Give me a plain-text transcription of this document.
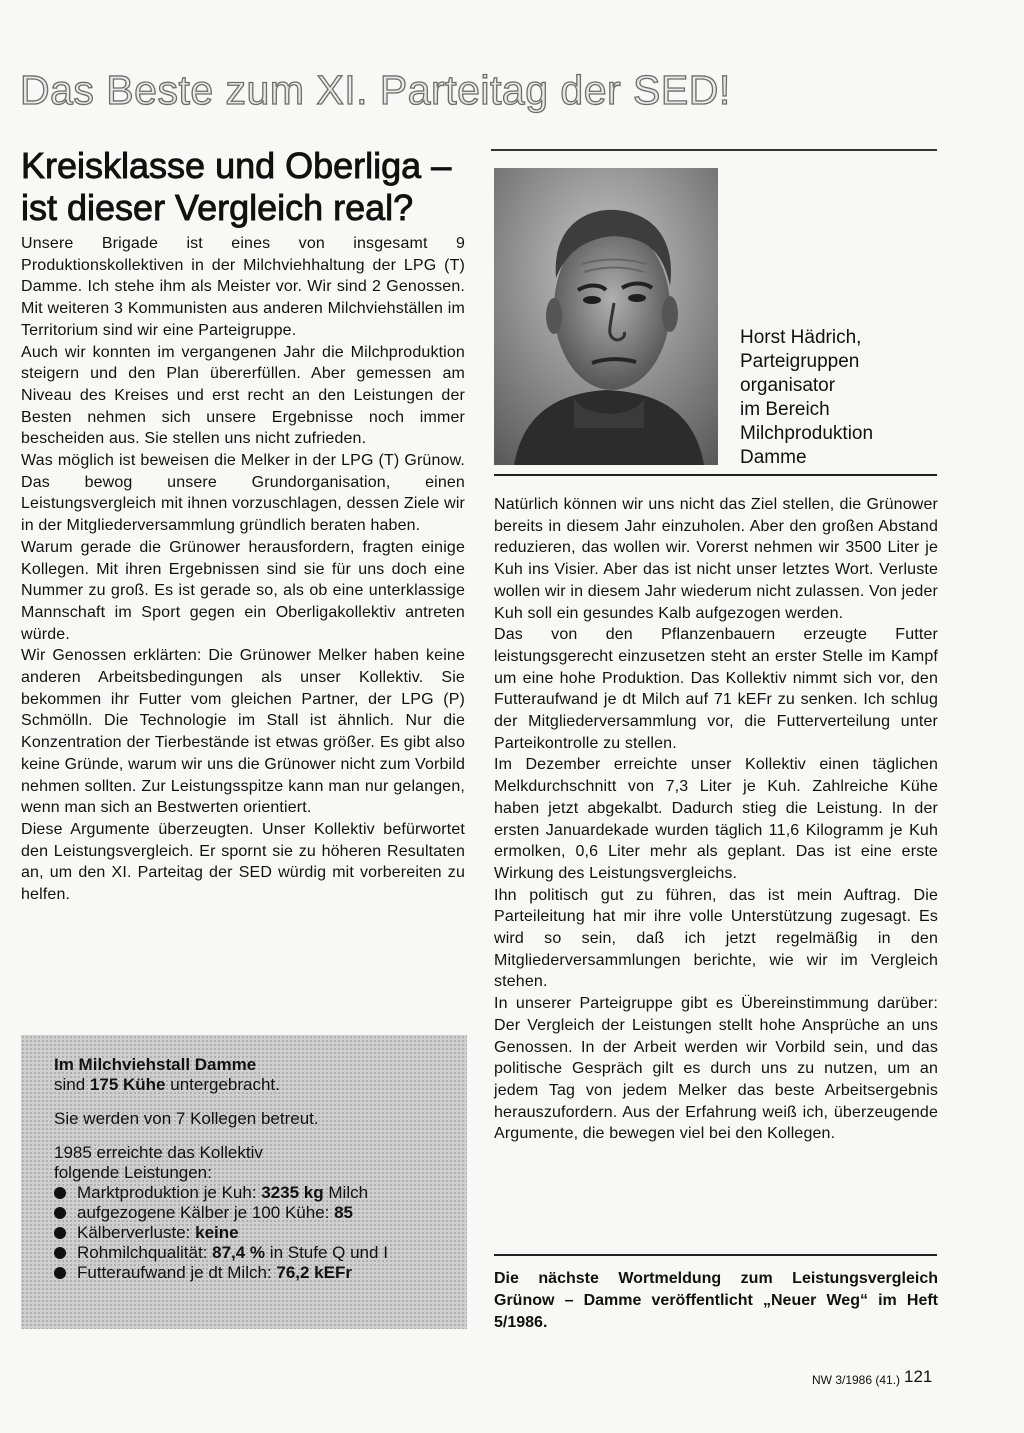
Das Beste zum XI. Parteitag der SED!
Kreisklasse und Oberliga –
ist dieser Vergleich real?

Unsere Brigade ist eines von insgesamt 9 Produktionskollektiven in der Milchviehhaltung der LPG (T) Damme. Ich stehe ihm als Meister vor. Wir sind 2 Genossen. Mit weiteren 3 Kommunisten aus anderen Milchviehställen im Territorium sind wir eine Parteigruppe.

Auch wir konnten im vergangenen Jahr die Milchproduktion steigern und den Plan übererfüllen. Aber gemessen am Niveau des Kreises und erst recht an den Leistungen der Besten nehmen sich unsere Ergebnisse noch immer bescheiden aus. Sie stellen uns nicht zufrieden.

Was möglich ist beweisen die Melker in der LPG (T) Grünow. Das bewog unsere Grundorganisation, einen Leistungsvergleich mit ihnen vorzuschlagen, dessen Ziele wir in der Mitgliederversammlung gründlich beraten haben.

Warum gerade die Grünower herausfordern, fragten einige Kollegen. Mit ihren Ergebnissen sind sie für uns doch eine Nummer zu groß. Es ist gerade so, als ob eine unterklassige Mannschaft im Sport gegen ein Oberligakollektiv antreten würde.

Wir Genossen erklärten: Die Grünower Melker haben keine anderen Arbeitsbedingungen als unser Kollektiv. Sie bekommen ihr Futter vom gleichen Partner, der LPG (P) Schmölln. Die Technologie im Stall ist ähnlich. Nur die Konzentration der Tierbestände ist etwas größer. Es gibt also keine Gründe, warum wir uns die Grünower nicht zum Vorbild nehmen sollten. Zur Leistungsspitze kann man nur gelangen, wenn man sich an Bestwerten orientiert.

Diese Argumente überzeugten. Unser Kollektiv befürwortet den Leistungsvergleich. Er spornt sie zu höheren Resultaten an, um den XI. Parteitag der SED würdig mit vorbereiten zu helfen.

Horst Hädrich,
Parteigruppen
organisator
im Bereich
Milchproduktion
Damme

Natürlich können wir uns nicht das Ziel stellen, die Grünower bereits in diesem Jahr einzuholen. Aber den großen Abstand reduzieren, das wollen wir. Vorerst nehmen wir 3500 Liter je Kuh ins Visier. Aber das ist nicht unser letztes Wort. Verluste wollen wir in diesem Jahr wiederum nicht zulassen. Von jeder Kuh soll ein gesundes Kalb aufgezogen werden.

Das von den Pflanzenbauern erzeugte Futter leistungsgerecht einzusetzen steht an erster Stelle im Kampf um eine hohe Produktion. Das Kollektiv nimmt sich vor, den Futteraufwand je dt Milch auf 71 kEFr zu senken. Ich schlug der Mitgliederversammlung vor, die Futterverteilung unter Parteikontrolle zu stellen.

Im Dezember erreichte unser Kollektiv einen täglichen Melkdurchschnitt von 7,3 Liter je Kuh. Zahlreiche Kühe haben jetzt abgekalbt. Dadurch stieg die Leistung. In der ersten Januardekade wurden täglich 11,6 Kilogramm je Kuh ermolken, 0,6 Liter mehr als geplant. Das ist eine erste Wirkung des Leistungsvergleichs.

Ihn politisch gut zu führen, das ist mein Auftrag. Die Parteileitung hat mir ihre volle Unterstützung zugesagt. Es wird so sein, daß ich jetzt regelmäßig in den Mitgliederversammlungen berichte, wie wir im Vergleich stehen.

In unserer Parteigruppe gibt es Übereinstimmung darüber: Der Vergleich der Leistungen stellt hohe Ansprüche an uns Genossen. In der Arbeit werden wir Vorbild sein, und das politische Gespräch gilt es durch uns zu nutzen, um an jedem Tag von jedem Melker das beste Arbeitsergebnis herauszufordern. Aus der Erfahrung weiß ich, überzeugende Argumente, die bewegen viel bei den Kollegen.

Im Milchviehstall Damme
sind 175 Kühe untergebracht.
Sie werden von 7 Kollegen betreut.
1985 erreichte das Kollektiv
folgende Leistungen:
Marktproduktion je Kuh: 3235 kg Milch
aufgezogene Kälber je 100 Kühe: 85
Kälberverluste: keine
Rohmilchqualität: 87,4 % in Stufe Q und I
Futteraufwand je dt Milch: 76,2 kEFr	Die nächste Wortmeldung zum Leistungsvergleich Grünow – Damme veröffentlicht „Neuer Weg“ im Heft 5/1986.

NW 3/1986 (41.) 121
